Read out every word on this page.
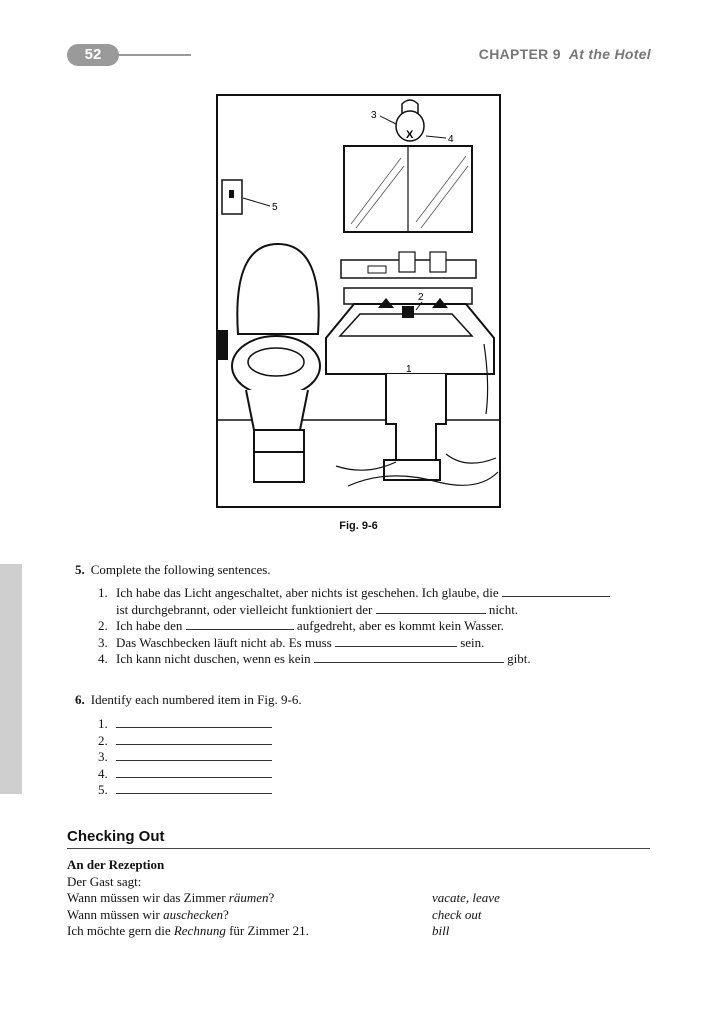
52	CHAPTER 9 At the Hotel
X
3
4
5
2
1
Fig. 9-6
5. Complete the following sentences.
1. Ich habe das Licht angeschaltet, aber nichts ist geschehen. Ich glaube, die
ist durchgebrannt, oder vielleicht funktioniert der	nicht.
2. Ich habe den	aufgedreht, aber es kommt kein Wasser.
3. Das Waschbecken läuft nicht ab. Es muss	sein.
4. Ich kann nicht duschen, wenn es kein	gibt.
6. Identify each numbered item in Fig. 9-6.
1.
2.
3.
4.
5.
Checking Out
An der Rezeption
Der Gast sagt:
Wann müssen wir das Zimmer räumen?	vacate, leave
Wann müssen wir auschecken?	check out
Ich möchte gern die Rechnung für Zimmer 21.	bill
